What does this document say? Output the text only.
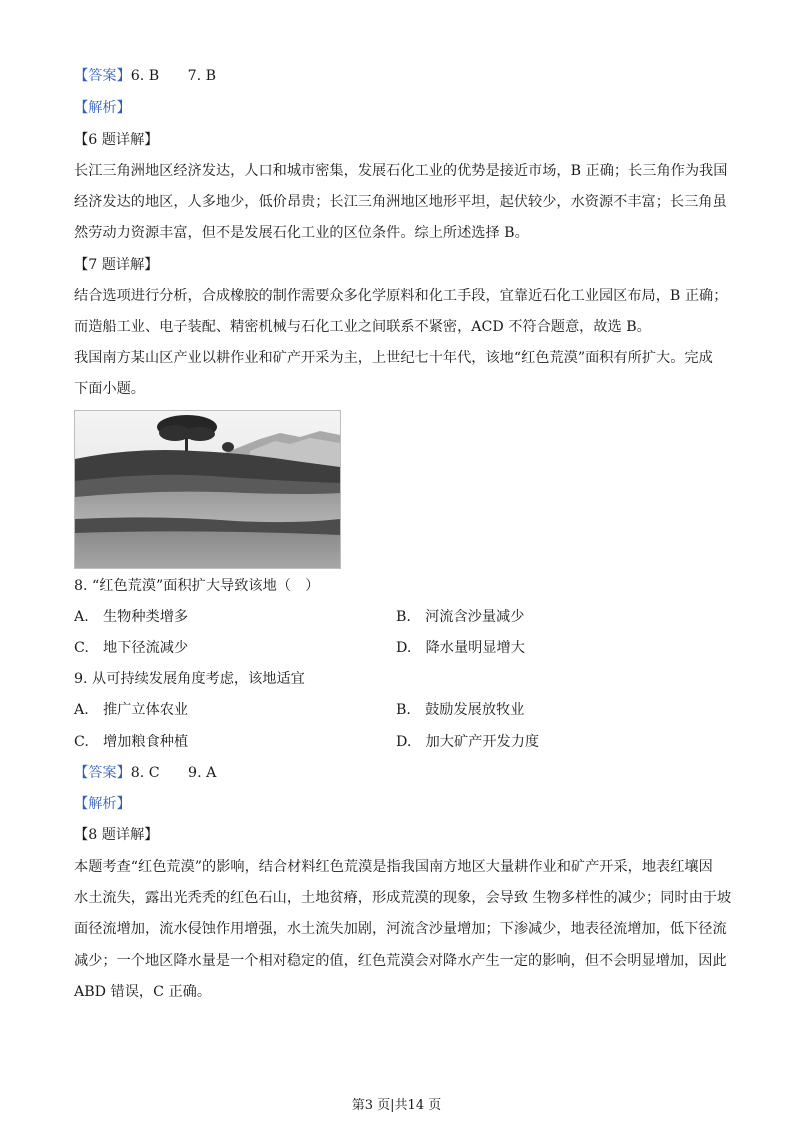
【答案】6. B　　7. B
【解析】
【6 题详解】
长江三角洲地区经济发达，人口和城市密集，发展石化工业的优势是接近市场，B 正确；长三角作为我国
经济发达的地区，人多地少，低价昂贵；长江三角洲地区地形平坦，起伏较少，水资源不丰富；长三角虽
然劳动力资源丰富，但不是发展石化工业的区位条件。综上所述选择 B。
【7 题详解】
结合选项进行分析，合成橡胶的制作需要众多化学原料和化工手段，宜靠近石化工业园区布局，B 正确；
而造船工业、电子装配、精密机械与石化工业之间联系不紧密，ACD 不符合题意，故选 B。
我国南方某山区产业以耕作业和矿产开采为主，上世纪七十年代，该地“红色荒漠”面积有所扩大。完成
下面小题。
8. “红色荒漠”面积扩大导致该地（　）
A.　生物种类增多	B.　河流含沙量减少
C.　地下径流减少	D.　降水量明显增大
9. 从可持续发展角度考虑，该地适宜
A.　推广立体农业	B.　鼓励发展放牧业
C.　增加粮食种植	D.　加大矿产开发力度
【答案】8. C　　9. A
【解析】
【8 题详解】
本题考查“红色荒漠”的影响，结合材料红色荒漠是指我国南方地区大量耕作业和矿产开采，地表红壤因
水土流失，露出光秃秃的红色石山，土地贫瘠，形成荒漠的现象，会导致 生物多样性的减少；同时由于坡
面径流增加，流水侵蚀作用增强，水土流失加剧，河流含沙量增加；下渗减少，地表径流增加，低下径流
减少；一个地区降水量是一个相对稳定的值，红色荒漠会对降水产生一定的影响，但不会明显增加，因此
ABD 错误，C 正确。
第3 页|共14 页
